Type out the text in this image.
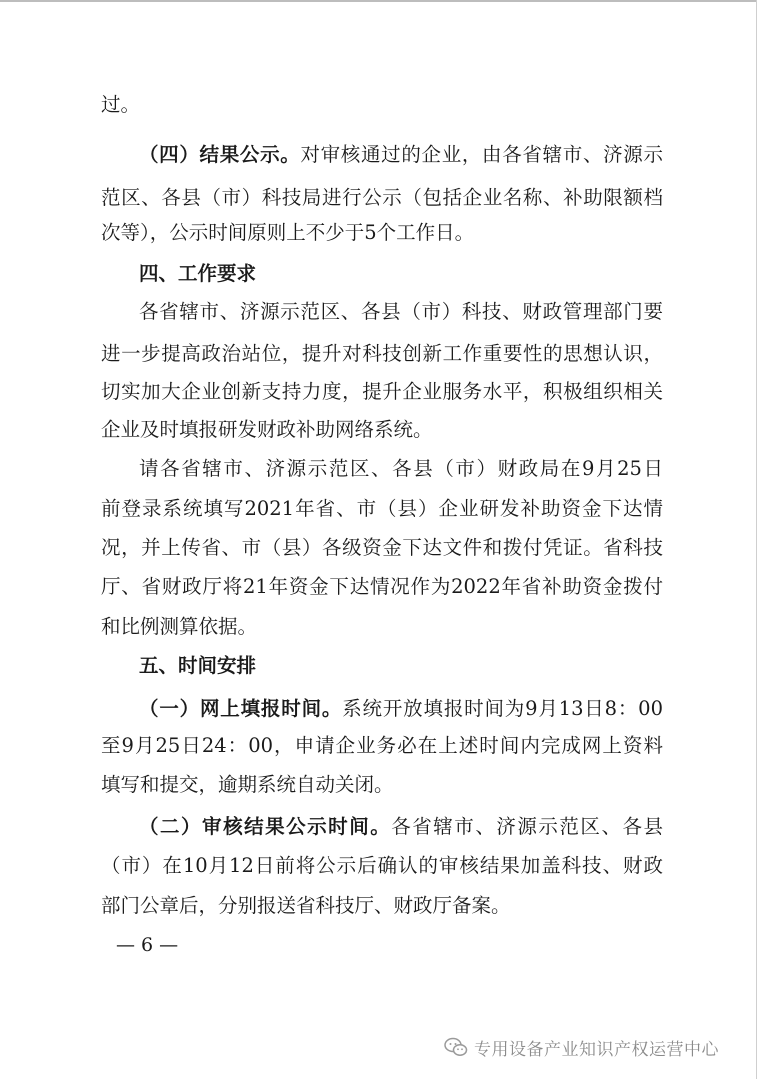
过。
（四）结果公示。对审核通过的企业，由各省辖市、济源示
范区、各县（市）科技局进行公示（包括企业名称、补助限额档
次等），公示时间原则上不少于5个工作日。
四、工作要求
各省辖市、济源示范区、各县（市）科技、财政管理部门要
进一步提高政治站位，提升对科技创新工作重要性的思想认识，
切实加大企业创新支持力度，提升企业服务水平，积极组织相关
企业及时填报研发财政补助网络系统。
请各省辖市、济源示范区、各县（市）财政局在9月25日
前登录系统填写2021年省、市（县）企业研发补助资金下达情
况，并上传省、市（县）各级资金下达文件和拨付凭证。省科技
厅、省财政厅将21年资金下达情况作为2022年省补助资金拨付
和比例测算依据。
五、时间安排
（一）网上填报时间。系统开放填报时间为9月13日8：00
至9月25日24：00，申请企业务必在上述时间内完成网上资料
填写和提交，逾期系统自动关闭。
（二）审核结果公示时间。各省辖市、济源示范区、各县
（市）在10月12日前将公示后确认的审核结果加盖科技、财政
部门公章后，分别报送省科技厅、财政厅备案。
— 6 —
专用设备产业知识产权运营中心
